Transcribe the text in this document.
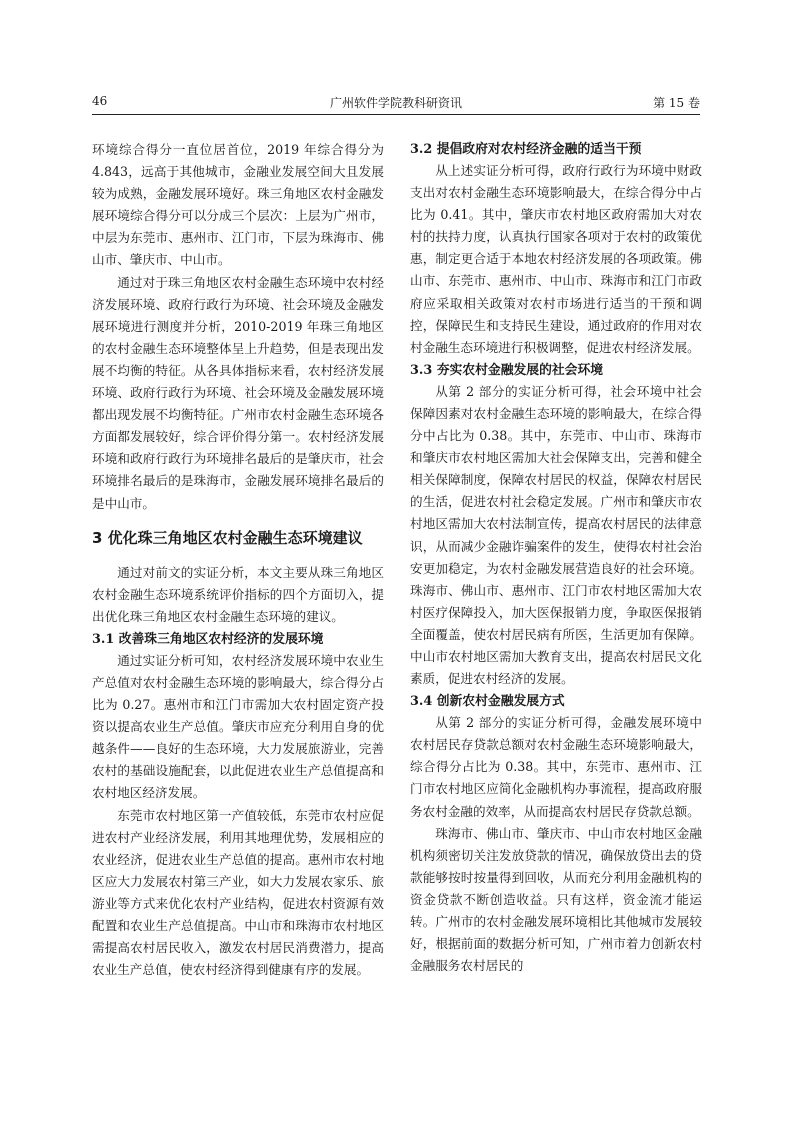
46	广州软件学院教科研资讯	第 15 卷

环境综合得分一直位居首位，2019 年综合得分为 4.843，远高于其他城市，金融业发展空间大且发展较为成熟，金融发展环境好。珠三角地区农村金融发展环境综合得分可以分成三个层次：上层为广州市，中层为东莞市、惠州市、江门市，下层为珠海市、佛山市、肇庆市、中山市。

通过对于珠三角地区农村金融生态环境中农村经济发展环境、政府行政行为环境、社会环境及金融发展环境进行测度并分析，2010-2019 年珠三角地区的农村金融生态环境整体呈上升趋势，但是表现出发展不均衡的特征。从各具体指标来看，农村经济发展环境、政府行政行为环境、社会环境及金融发展环境都出现发展不均衡特征。广州市农村金融生态环境各方面都发展较好，综合评价得分第一。农村经济发展环境和政府行政行为环境排名最后的是肇庆市，社会环境排名最后的是珠海市，金融发展环境排名最后的是中山市。

3 优化珠三角地区农村金融生态环境建议

通过对前文的实证分析，本文主要从珠三角地区农村金融生态环境系统评价指标的四个方面切入，提出优化珠三角地区农村金融生态环境的建议。

3.1 改善珠三角地区农村经济的发展环境

通过实证分析可知，农村经济发展环境中农业生产总值对农村金融生态环境的影响最大，综合得分占比为 0.27。惠州市和江门市需加大农村固定资产投资以提高农业生产总值。肇庆市应充分利用自身的优越条件——良好的生态环境，大力发展旅游业，完善农村的基础设施配套，以此促进农业生产总值提高和农村地区经济发展。

东莞市农村地区第一产值较低，东莞市农村应促进农村产业经济发展，利用其地理优势，发展相应的农业经济，促进农业生产总值的提高。惠州市农村地区应大力发展农村第三产业，如大力发展农家乐、旅游业等方式来优化农村产业结构，促进农村资源有效配置和农业生产总值提高。中山市和珠海市农村地区需提高农村居民收入，激发农村居民消费潜力，提高农业生产总值，使农村经济得到健康有序的发展。

3.2 提倡政府对农村经济金融的适当干预

从上述实证分析可得，政府行政行为环境中财政支出对农村金融生态环境影响最大，在综合得分中占比为 0.41。其中，肇庆市农村地区政府需加大对农村的扶持力度，认真执行国家各项对于农村的政策优惠，制定更合适于本地农村经济发展的各项政策。佛山市、东莞市、惠州市、中山市、珠海市和江门市政府应采取相关政策对农村市场进行适当的干预和调控，保障民生和支持民生建设，通过政府的作用对农村金融生态环境进行积极调整，促进农村经济发展。

3.3 夯实农村金融发展的社会环境

从第 2 部分的实证分析可得，社会环境中社会保障因素对农村金融生态环境的影响最大，在综合得分中占比为 0.38。其中，东莞市、中山市、珠海市和肇庆市农村地区需加大社会保障支出，完善和健全相关保障制度，保障农村居民的权益，保障农村居民的生活，促进农村社会稳定发展。广州市和肇庆市农村地区需加大农村法制宣传，提高农村居民的法律意识，从而减少金融诈骗案件的发生，使得农村社会治安更加稳定，为农村金融发展营造良好的社会环境。珠海市、佛山市、惠州市、江门市农村地区需加大农村医疗保障投入，加大医保报销力度，争取医保报销全面覆盖，使农村居民病有所医，生活更加有保障。中山市农村地区需加大教育支出，提高农村居民文化素质，促进农村经济的发展。

3.4 创新农村金融发展方式

从第 2 部分的实证分析可得，金融发展环境中农村居民存贷款总额对农村金融生态环境影响最大，综合得分占比为 0.38。其中，东莞市、惠州市、江门市农村地区应简化金融机构办事流程，提高政府服务农村金融的效率，从而提高农村居民存贷款总额。

珠海市、佛山市、肇庆市、中山市农村地区金融机构须密切关注发放贷款的情况，确保放贷出去的贷款能够按时按量得到回收，从而充分利用金融机构的资金贷款不断创造收益。只有这样，资金流才能运转。广州市的农村金融发展环境相比其他城市发展较好，根据前面的数据分析可知，广州市着力创新农村金融服务农村居民的
